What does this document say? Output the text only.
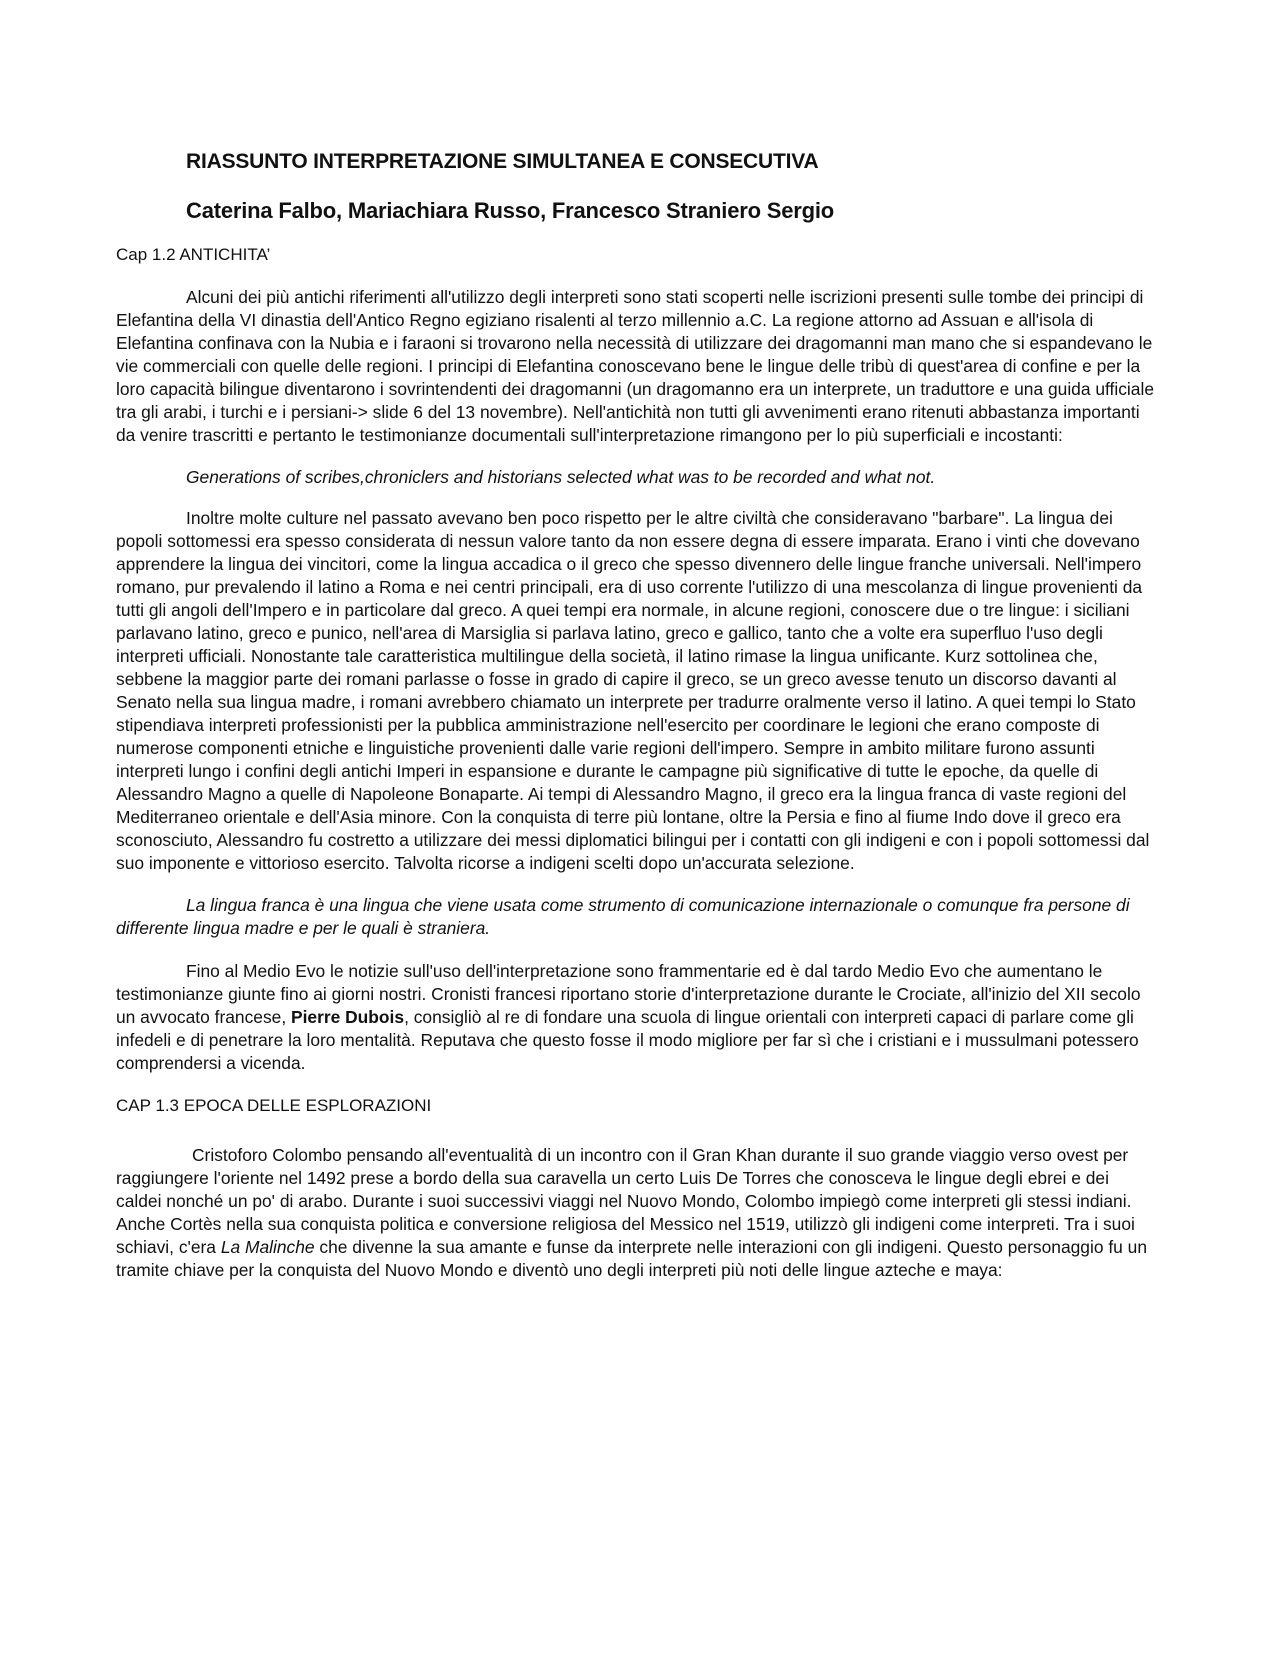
RIASSUNTO INTERPRETAZIONE SIMULTANEA E CONSECUTIVA
Caterina Falbo, Mariachiara Russo, Francesco Straniero Sergio

Cap 1.2 ANTICHITA’

Alcuni dei più antichi riferimenti all'utilizzo degli interpreti sono stati scoperti nelle iscrizioni presenti sulle tombe dei principi di Elefantina della VI dinastia dell'Antico Regno egiziano risalenti al terzo millennio a.C. La regione attorno ad Assuan e all'isola di Elefantina confinava con la Nubia e i faraoni si trovarono nella necessità di utilizzare dei dragomanni man mano che si espandevano le vie commerciali con quelle delle regioni. I principi di Elefantina conoscevano bene le lingue delle tribù di quest'area di confine e per la loro capacità bilingue diventarono i sovrintendenti dei dragomanni (un dragomanno era un interprete, un traduttore e una guida ufficiale tra gli arabi, i turchi e i persiani-> slide 6 del 13 novembre). Nell'antichità non tutti gli avvenimenti erano ritenuti abbastanza importanti da venire trascritti e pertanto le testimonianze documentali sull'interpretazione rimangono per lo più superficiali e incostanti:

Generations of scribes,chroniclers and historians selected what was to be recorded and what not.

Inoltre molte culture nel passato avevano ben poco rispetto per le altre civiltà che consideravano "barbare". La lingua dei popoli sottomessi era spesso considerata di nessun valore tanto da non essere degna di essere imparata. Erano i vinti che dovevano apprendere la lingua dei vincitori, come la lingua accadica o il greco che spesso divennero delle lingue franche universali. Nell'impero romano, pur prevalendo il latino a Roma e nei centri principali, era di uso corrente l'utilizzo di una mescolanza di lingue provenienti da tutti gli angoli dell'Impero e in particolare dal greco. A quei tempi era normale, in alcune regioni, conoscere due o tre lingue: i siciliani parlavano latino, greco e punico, nell'area di Marsiglia si parlava latino, greco e gallico, tanto che a volte era superfluo l'uso degli interpreti ufficiali. Nonostante tale caratteristica multilingue della società, il latino rimase la lingua unificante. Kurz sottolinea che, sebbene la maggior parte dei romani parlasse o fosse in grado di capire il greco, se un greco avesse tenuto un discorso davanti al Senato nella sua lingua madre, i romani avrebbero chiamato un interprete per tradurre oralmente verso il latino. A quei tempi lo Stato stipendiava interpreti professionisti per la pubblica amministrazione nell'esercito per coordinare le legioni che erano composte di numerose componenti etniche e linguistiche provenienti dalle varie regioni dell'impero. Sempre in ambito militare furono assunti interpreti lungo i confini degli antichi Imperi in espansione e durante le campagne più significative di tutte le epoche, da quelle di Alessandro Magno a quelle di Napoleone Bonaparte. Ai tempi di Alessandro Magno, il greco era la lingua franca di vaste regioni del Mediterraneo orientale e dell'Asia minore. Con la conquista di terre più lontane, oltre la Persia e fino al fiume Indo dove il greco era sconosciuto, Alessandro fu costretto a utilizzare dei messi diplomatici bilingui per i contatti con gli indigeni e con i popoli sottomessi dal suo imponente e vittorioso esercito. Talvolta ricorse a indigeni scelti dopo un'accurata selezione.

La lingua franca è una lingua che viene usata come strumento di comunicazione internazionale o comunque fra persone di differente lingua madre e per le quali è straniera.

Fino al Medio Evo le notizie sull'uso dell'interpretazione sono frammentarie ed è dal tardo Medio Evo che aumentano le testimonianze giunte fino ai giorni nostri. Cronisti francesi riportano storie d'interpretazione durante le Crociate, all'inizio del XII secolo un avvocato francese, Pierre Dubois, consigliò al re di fondare una scuola di lingue orientali con interpreti capaci di parlare come gli infedeli e di penetrare la loro mentalità. Reputava che questo fosse il modo migliore per far sì che i cristiani e i mussulmani potessero comprendersi a vicenda.

CAP 1.3 EPOCA DELLE ESPLORAZIONI

Cristoforo Colombo pensando all'eventualità di un incontro con il Gran Khan durante il suo grande viaggio verso ovest per raggiungere l'oriente nel 1492 prese a bordo della sua caravella un certo Luis De Torres che conosceva le lingue degli ebrei e dei caldei nonché un po' di arabo. Durante i suoi successivi viaggi nel Nuovo Mondo, Colombo impiegò come interpreti gli stessi indiani. Anche Cortès nella sua conquista politica e conversione religiosa del Messico nel 1519, utilizzò gli indigeni come interpreti. Tra i suoi schiavi, c'era La Malinche che divenne la sua amante e funse da interprete nelle interazioni con gli indigeni. Questo personaggio fu un tramite chiave per la conquista del Nuovo Mondo e diventò uno degli interpreti più noti delle lingue azteche e maya:
